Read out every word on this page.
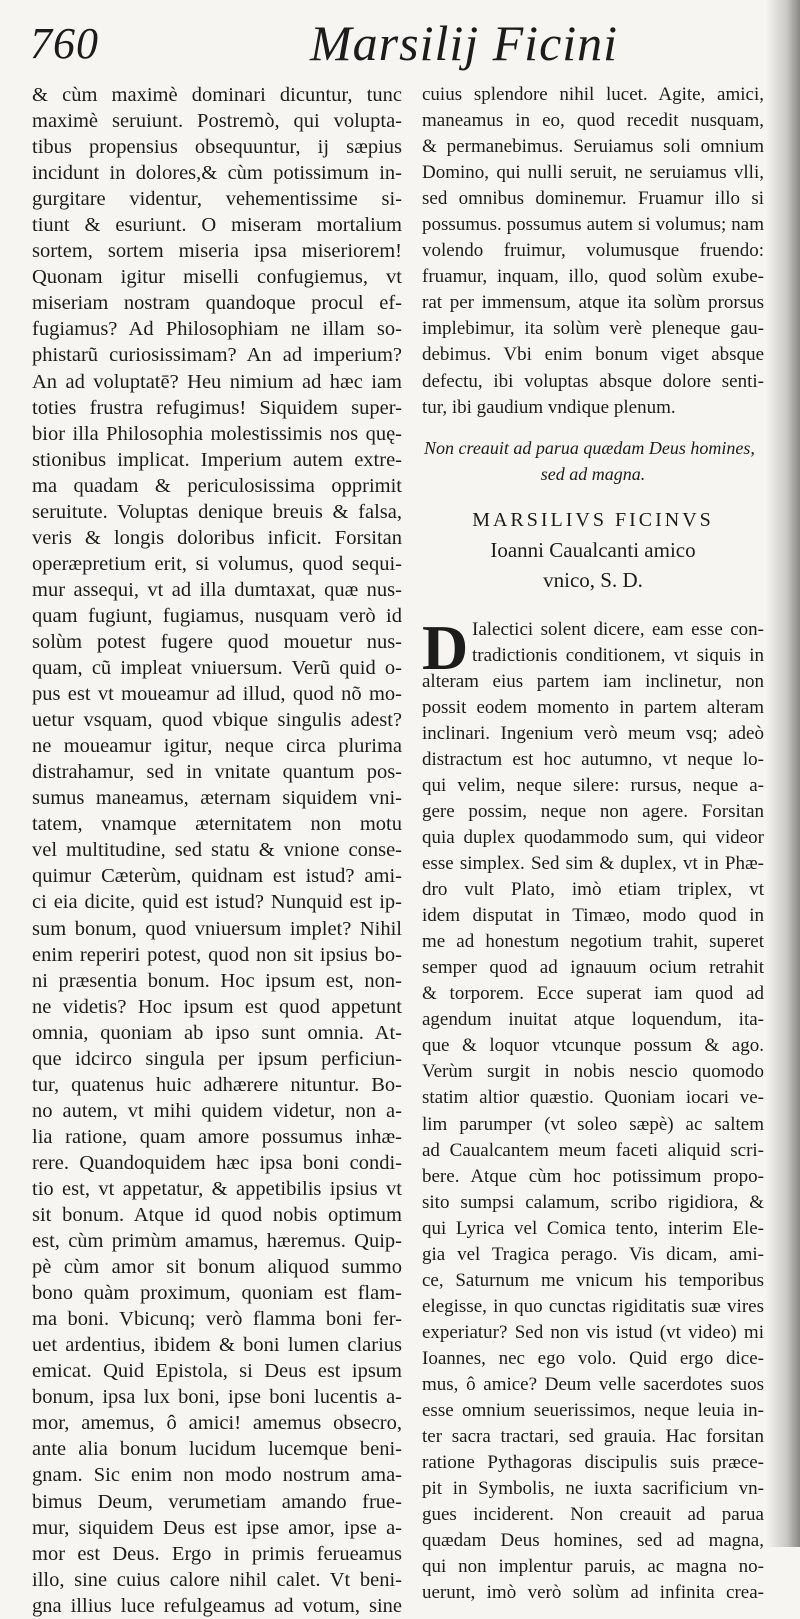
760	Marsilij Ficini
& cùm maximè dominari dicuntur, tunc
maximè seruiunt. Postremò, qui volupta-
tibus propensius obsequuntur, ij sæpius
incidunt in dolores,& cùm potissimum in-
gurgitare videntur, vehementissime si-
tiunt & esuriunt. O miseram mortalium
sortem, sortem miseria ipsa miseriorem!
Quonam igitur miselli confugiemus, vt
miseriam nostram quandoque procul ef-
fugiamus? Ad Philosophiam ne illam so-
phistarũ curiosissimam? An ad imperium?
An ad voluptatē? Heu nimium ad hæc iam
toties frustra refugimus! Siquidem super-
bior illa Philosophia molestissimis nos quę-
stionibus implicat. Imperium autem extre-
ma quadam & periculosissima opprimit
seruitute. Voluptas denique breuis & falsa,
veris & longis doloribus inficit. Forsitan
operæpretium erit, si volumus, quod sequi-
mur assequi, vt ad illa dumtaxat, quæ nus-
quam fugiunt, fugiamus, nusquam verò id
solùm potest fugere quod mouetur nus-
quam, cũ impleat vniuersum. Verũ quid o-
pus est vt moueamur ad illud, quod nõ mo-
uetur vsquam, quod vbique singulis adest?
ne moueamur igitur, neque circa plurima
distrahamur, sed in vnitate quantum pos-
sumus maneamus, æternam siquidem vni-
tatem, vnamque æternitatem non motu
vel multitudine, sed statu & vnione conse-
quimur Cæterùm, quidnam est istud? ami-
ci eia dicite, quid est istud? Nunquid est ip-
sum bonum, quod vniuersum implet? Nihil
enim reperiri potest, quod non sit ipsius bo-
ni præsentia bonum. Hoc ipsum est, non-
ne videtis? Hoc ipsum est quod appetunt
omnia, quoniam ab ipso sunt omnia. At-
que idcirco singula per ipsum perficiun-
tur, quatenus huic adhærere nituntur. Bo-
no autem, vt mihi quidem videtur, non a-
lia ratione, quam amore possumus inhæ-
rere. Quandoquidem hæc ipsa boni condi-
tio est, vt appetatur, & appetibilis ipsius vt
sit bonum. Atque id quod nobis optimum
est, cùm primùm amamus, hæremus. Quip-
pè cùm amor sit bonum aliquod summo
bono quàm proximum, quoniam est flam-
ma boni. Vbicunq; verò flamma boni fer-
uet ardentius, ibidem & boni lumen clarius
emicat. Quid Epistola, si Deus est ipsum
bonum, ipsa lux boni, ipse boni lucentis a-
mor, amemus, ô amici! amemus obsecro,
ante alia bonum lucidum lucemque beni-
gnam. Sic enim non modo nostrum ama-
bimus Deum, verumetiam amando frue-
mur, siquidem Deus est ipse amor, ipse a-
mor est Deus. Ergo in primis ferueamus
illo, sine cuius calore nihil calet. Vt beni-
gna illius luce refulgeamus ad votum, sine
cuius splendore nihil lucet. Agite, amici,
maneamus in eo, quod recedit nusquam,
& permanebimus. Seruiamus soli omnium
Domino, qui nulli seruit, ne seruiamus vlli,
sed omnibus dominemur. Fruamur illo si
possumus. possumus autem si volumus; nam
volendo fruimur, volumusque fruendo:
fruamur, inquam, illo, quod solùm exube-
rat per immensum, atque ita solùm prorsus
implebimur, ita solùm verè pleneque gau-
debimus. Vbi enim bonum viget absque
defectu, ibi voluptas absque dolore senti-
tur, ibi gaudium vndique plenum.
Non creauit ad parua quædam Deus homines,
sed ad magna.
MARSILIVS FICINVS
Ioanni Caualcanti amico
vnico, S. D.
D Ialectici solent dicere, eam esse con-
tradictionis conditionem, vt siquis in
alteram eius partem iam inclinetur, non
possit eodem momento in partem alteram
inclinari. Ingenium verò meum vsq; adeò
distractum est hoc autumno, vt neque lo-
qui velim, neque silere: rursus, neque a-
gere possim, neque non agere. Forsitan
quia duplex quodammodo sum, qui videor
esse simplex. Sed sim & duplex, vt in Phæ-
dro vult Plato, imò etiam triplex, vt
idem disputat in Timæo, modo quod in
me ad honestum negotium trahit, superet
semper quod ad ignauum ocium retrahit
& torporem. Ecce superat iam quod ad
agendum inuitat atque loquendum, ita-
que & loquor vtcunque possum & ago.
Verùm surgit in nobis nescio quomodo
statim altior quæstio. Quoniam iocari ve-
lim parumper (vt soleo sæpè) ac saltem
ad Caualcantem meum faceti aliquid scri-
bere. Atque cùm hoc potissimum propo-
sito sumpsi calamum, scribo rigidiora, &
qui Lyrica vel Comica tento, interim Ele-
gia vel Tragica perago. Vis dicam, ami-
ce, Saturnum me vnicum his temporibus
elegisse, in quo cunctas rigiditatis suæ vires
experiatur? Sed non vis istud (vt video) mi
Ioannes, nec ego volo. Quid ergo dice-
mus, ô amice? Deum velle sacerdotes suos
esse omnium seuerissimos, neque leuia in-
ter sacra tractari, sed grauia. Hac forsitan
ratione Pythagoras discipulis suis præce-
pit in Symbolis, ne iuxta sacrificium vn-
gues inciderent. Non creauit ad parua
quædam Deus homines, sed ad magna,
qui non implentur paruis, ac magna no-
uerunt, imò verò solùm ad infinita crea-
